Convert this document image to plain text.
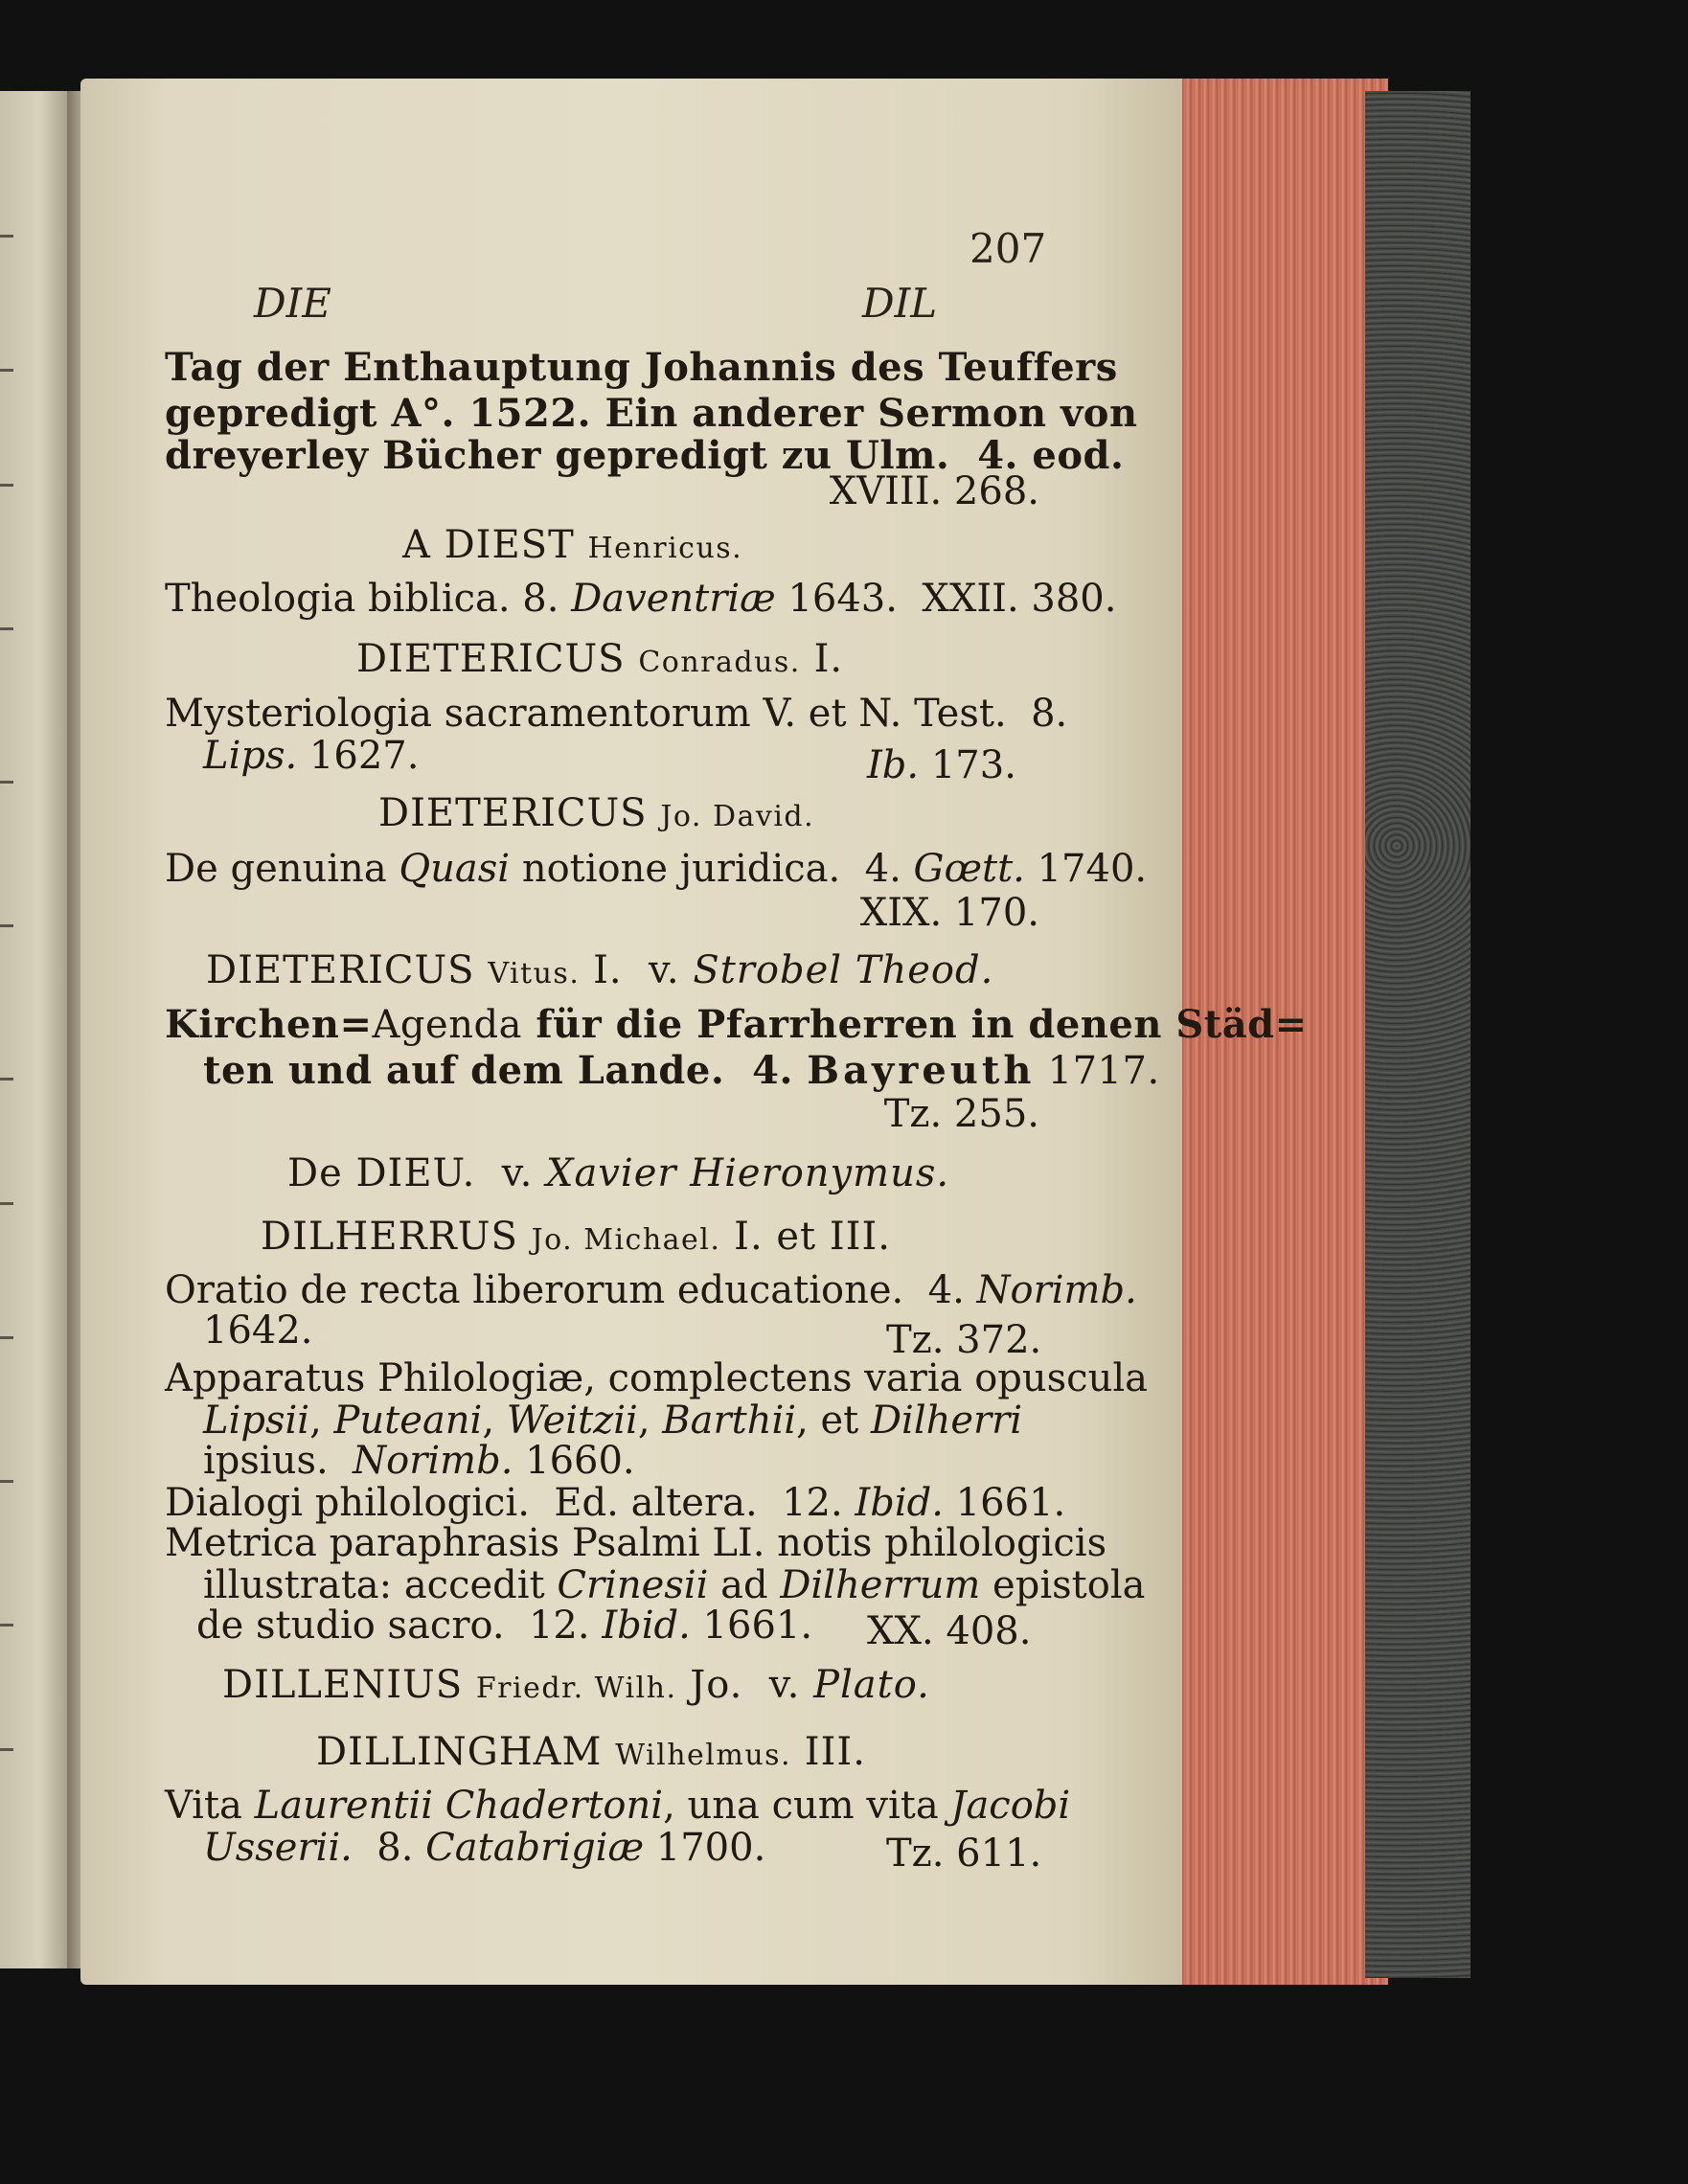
207
DIE	DIL
Tag der Enthauptung Johannis des Teuffers
gepredigt A°. 1522. Ein anderer Sermon von
dreyerley Bücher gepredigt zu Ulm.  4. eod.
XVIII. 268.
A DIEST Henricus.
Theologia biblica. 8. Daventriæ 1643.  XXII. 380.
DIETERICUS Conradus. I.
Mysteriologia sacramentorum V. et N. Test.  8.
Lips. 1627.	Ib. 173.
DIETERICUS Jo. David.
De genuina Quasi notione juridica.  4. Gœtt. 1740.
XIX. 170.
DIETERICUS Vitus. I.  v. Strobel Theod.
Kirchen=Agenda für die Pfarrherren in denen Städ=
ten und auf dem Lande.  4. Bayreuth 1717.
Tz. 255.
De DIEU.  v. Xavier Hieronymus.
DILHERRUS Jo. Michael. I. et III.
Oratio de recta liberorum educatione.  4. Norimb.
1642.	Tz. 372.
Apparatus Philologiæ, complectens varia opuscula
Lipsii, Puteani, Weitzii, Barthii, et Dilherri
ipsius.  Norimb. 1660.
Dialogi philologici.  Ed. altera.  12. Ibid. 1661.
Metrica paraphrasis Psalmi LI. notis philologicis
illustrata: accedit Crinesii ad Dilherrum epistola
de studio sacro.  12. Ibid. 1661. XX. 408.
DILLENIUS Friedr. Wilh. Jo.  v. Plato.
DILLINGHAM Wilhelmus. III.
Vita Laurentii Chadertoni, una cum vita Jacobi
Usserii.  8. Catabrigiæ 1700.	Tz. 611.
